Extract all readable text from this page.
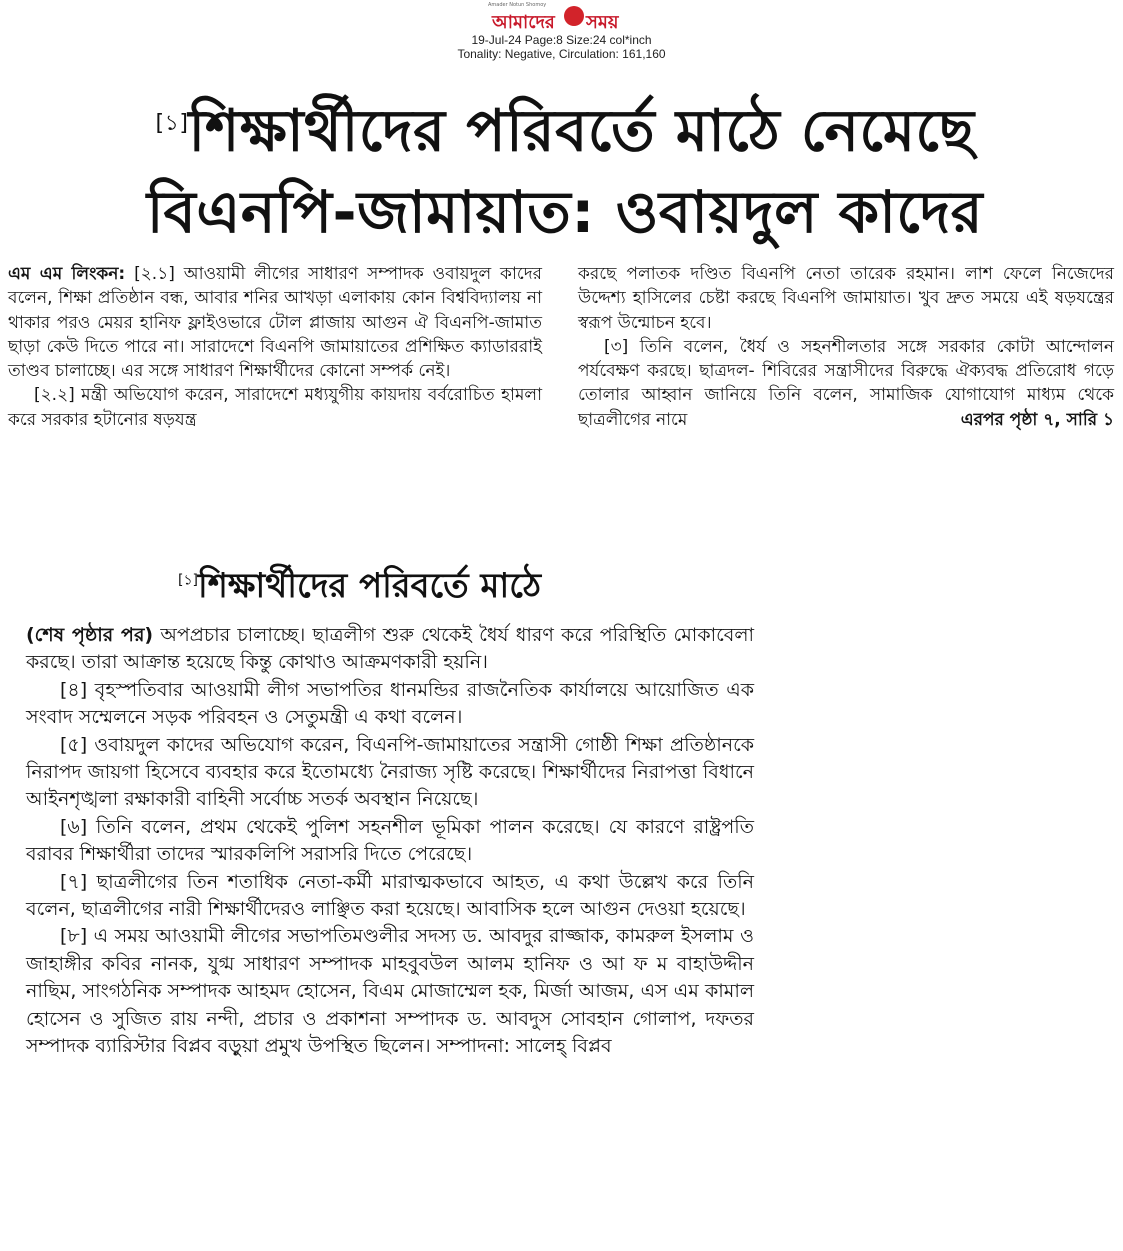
Amader Notun Shomoy
আমাদের সময়
19-Jul-24 Page:8 Size:24 col*inch
Tonality: Negative, Circulation: 161,160
[১]শিক্ষার্থীদের পরিবর্তে মাঠে নেমেছে
বিএনপি-জামায়াত: ওবায়দুল কাদের

এম এম লিংকন: [২.১] আওয়ামী লীগের সাধারণ সম্পাদক ওবায়দুল কাদের বলেন, শিক্ষা প্রতিষ্ঠান বন্ধ, আবার শনির আখড়া এলাকায় কোন বিশ্ববিদ্যালয় না থাকার পরও মেয়র হানিফ ফ্লাইওভারে টোল প্লাজায় আগুন ঐ বিএনপি-জামাত ছাড়া কেউ দিতে পারে না। সারাদেশে বিএনপি জামায়াতের প্রশিক্ষিত ক্যাডাররাই তাণ্ডব চালাচ্ছে। এর সঙ্গে সাধারণ শিক্ষার্থীদের কোনো সম্পর্ক নেই।

[২.২] মন্ত্রী অভিযোগ করেন, সারাদেশে মধ্যযুগীয় কায়দায় বর্বরোচিত হামলা করে সরকার হটানোর ষড়যন্ত্র

করছে পলাতক দণ্ডিত বিএনপি নেতা তারেক রহমান। লাশ ফেলে নিজেদের উদ্দেশ্য হাসিলের চেষ্টা করছে বিএনপি জামায়াত। খুব দ্রুত সময়ে এই ষড়যন্ত্রের স্বরূপ উন্মোচন হবে।

[৩] তিনি বলেন, ধৈর্য ও সহনশীলতার সঙ্গে সরকার কোটা আন্দোলন পর্যবেক্ষণ করছে। ছাত্রদল- শিবিরের সন্ত্রাসীদের বিরুদ্ধে ঐক্যবদ্ধ প্রতিরোধ গড়ে তোলার আহ্বান জানিয়ে তিনি বলেন, সামাজিক যোগাযোগ মাধ্যম থেকে ছাত্রলীগের নামে	এরপর পৃষ্ঠা ৭, সারি ১
[১]শিক্ষার্থীদের পরিবর্তে মাঠে

(শেষ পৃষ্ঠার পর) অপপ্রচার চালাচ্ছে। ছাত্রলীগ শুরু থেকেই ধৈর্য ধারণ করে পরিস্থিতি মোকাবেলা করছে। তারা আক্রান্ত হয়েছে কিন্তু কোথাও আক্রমণকারী হয়নি।

[৪] বৃহস্পতিবার আওয়ামী লীগ সভাপতির ধানমন্ডির রাজনৈতিক কার্যালয়ে আয়োজিত এক সংবাদ সম্মেলনে সড়ক পরিবহন ও সেতুমন্ত্রী এ কথা বলেন।

[৫] ওবায়দুল কাদের অভিযোগ করেন, বিএনপি-জামায়াতের সন্ত্রাসী গোষ্ঠী শিক্ষা প্রতিষ্ঠানকে নিরাপদ জায়গা হিসেবে ব্যবহার করে ইতোমধ্যে নৈরাজ্য সৃষ্টি করেছে। শিক্ষার্থীদের নিরাপত্তা বিধানে আইনশৃঙ্খলা রক্ষাকারী বাহিনী সর্বোচ্চ সতর্ক অবস্থান নিয়েছে।

[৬] তিনি বলেন, প্রথম থেকেই পুলিশ সহনশীল ভূমিকা পালন করেছে। যে কারণে রাষ্ট্রপতি বরাবর শিক্ষার্থীরা তাদের স্মারকলিপি সরাসরি দিতে পেরেছে।

[৭] ছাত্রলীগের তিন শতাধিক নেতা-কর্মী মারাত্মকভাবে আহত, এ কথা উল্লেখ করে তিনি বলেন, ছাত্রলীগের নারী শিক্ষার্থীদেরও লাঞ্ছিত করা হয়েছে। আবাসিক হলে আগুন দেওয়া হয়েছে।

[৮] এ সময় আওয়ামী লীগের সভাপতিমণ্ডলীর সদস্য ড. আবদুর রাজ্জাক, কামরুল ইসলাম ও জাহাঙ্গীর কবির নানক, যুগ্ম সাধারণ সম্পাদক মাহবুবউল আলম হানিফ ও আ ফ ম বাহাউদ্দীন নাছিম, সাংগঠনিক সম্পাদক আহমদ হোসেন, বিএম মোজাম্মেল হক, মির্জা আজম, এস এম কামাল হোসেন ও সুজিত রায় নন্দী, প্রচার ও প্রকাশনা সম্পাদক ড. আবদুস সোবহান গোলাপ, দফতর সম্পাদক ব্যারিস্টার বিপ্লব বড়ুয়া প্রমুখ উপস্থিত ছিলেন। সম্পাদনা: সালেহ্ বিপ্লব
